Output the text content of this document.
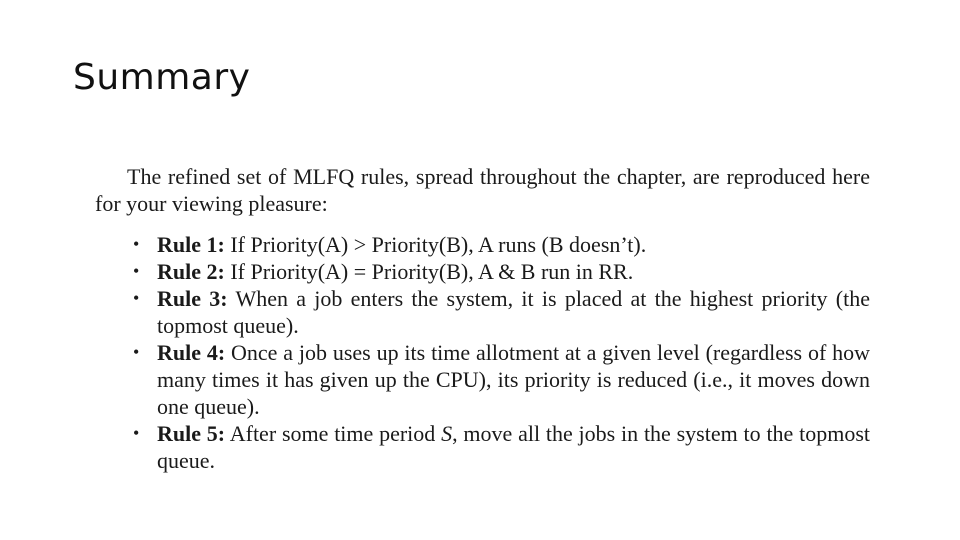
Summary

The refined set of MLFQ rules, spread throughout the chapter, are reproduced here for your viewing pleasure:

• Rule 1: If Priority(A) > Priority(B), A runs (B doesn’t).
• Rule 2: If Priority(A) = Priority(B), A & B run in RR.
• Rule 3: When a job enters the system, it is placed at the highest priority (the topmost queue).
• Rule 4: Once a job uses up its time allotment at a given level (regardless of how many times it has given up the CPU), its priority is reduced (i.e., it moves down one queue).
• Rule 5: After some time period S, move all the jobs in the system to the topmost queue.
